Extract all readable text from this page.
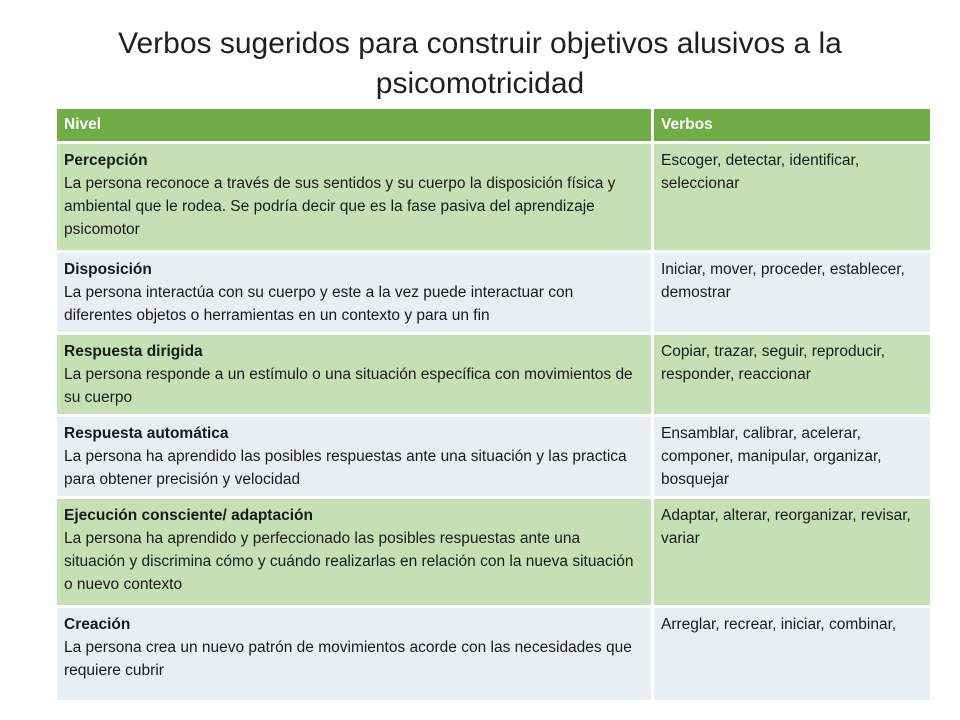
Verbos sugeridos para construir objetivos alusivos a la psicomotricidad
Nivel	Verbos

Percepción
La persona reconoce a través de sus sentidos y su cuerpo la disposición física y ambiental que le rodea. Se podría decir que es la fase pasiva del aprendizaje psicomotor	Escoger, detectar, identificar, seleccionar

Disposición
La persona interactúa con su cuerpo y este a la vez puede interactuar con diferentes objetos o herramientas en un contexto y para un fin	Iniciar, mover, proceder, establecer, demostrar

Respuesta dirigida
La persona responde a un estímulo o una situación específica con movimientos de su cuerpo	Copiar, trazar, seguir, reproducir, responder, reaccionar

Respuesta automática
La persona ha aprendido las posibles respuestas ante una situación y las practica para obtener precisión y velocidad	Ensamblar, calibrar, acelerar, componer, manipular, organizar, bosquejar

Ejecución consciente/ adaptación
La persona ha aprendido y perfeccionado las posibles respuestas ante una situación y discrimina cómo y cuándo realizarlas en relación con la nueva situación o nuevo contexto	Adaptar, alterar, reorganizar, revisar, variar

Creación
La persona crea un nuevo patrón de movimientos acorde con las necesidades que requiere cubrir	Arreglar, recrear, iniciar, combinar,
